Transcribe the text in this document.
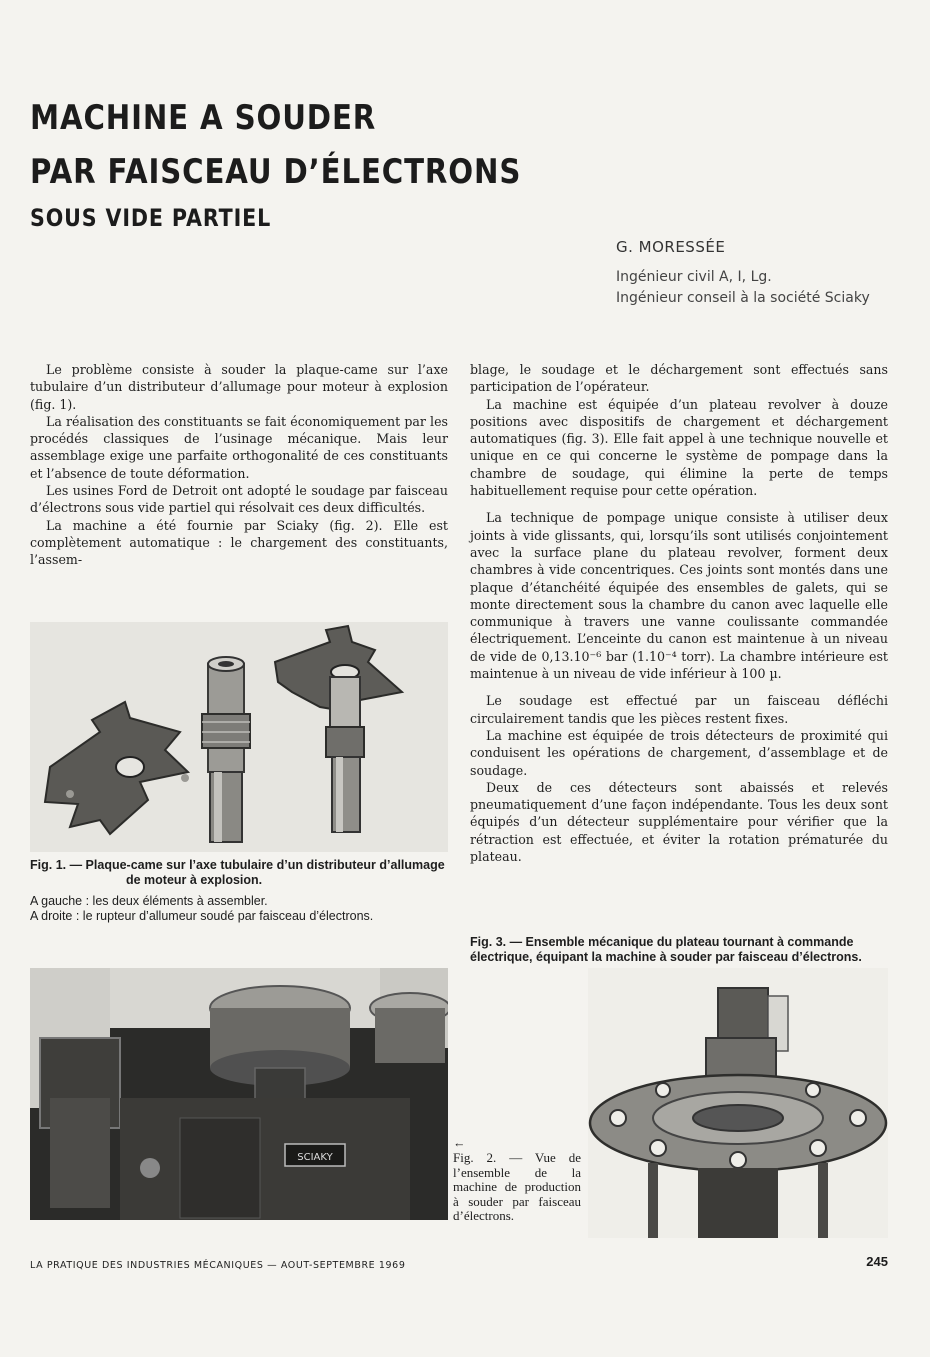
MACHINE A SOUDER
PAR FAISCEAU D’ÉLECTRONS
SOUS VIDE PARTIEL
G. MORESSÉE
Ingénieur civil A, I, Lg.
Ingénieur conseil à la société Sciaky

Le problème consiste à souder la plaque-came sur l’axe tubulaire d’un distributeur d’allumage pour moteur à explosion (fig. 1).

La réalisation des constituants se fait économiquement par les procédés classiques de l’usinage mécanique. Mais leur assemblage exige une parfaite orthogonalité de ces constituants et l’absence de toute déformation.

Les usines Ford de Detroit ont adopté le soudage par faisceau d’électrons sous vide partiel qui résolvait ces deux difficultés.

La machine a été fournie par Sciaky (fig. 2). Elle est complètement automatique : le chargement des constituants, l’assem-

blage, le soudage et le déchargement sont effectués sans participation de l’opérateur.

La machine est équipée d’un plateau revolver à douze positions avec dispositifs de chargement et déchargement automatiques (fig. 3). Elle fait appel à une technique nouvelle et unique en ce qui concerne le système de pompage dans la chambre de soudage, qui élimine la perte de temps habituellement requise pour cette opération.

La technique de pompage unique consiste à utiliser deux joints à vide glissants, qui, lorsqu’ils sont utilisés conjointement avec la surface plane du plateau revolver, forment deux chambres à vide concentriques. Ces joints sont montés dans une plaque d’étanchéité équipée des ensembles de galets, qui se monte directement sous la chambre du canon avec laquelle elle communique à travers une vanne coulissante commandée électriquement. L’enceinte du canon est maintenue à un niveau de vide de 0,13.10⁻⁶ bar (1.10⁻⁴ torr). La chambre intérieure est maintenue à un niveau de vide inférieur à 100 µ.

Le soudage est effectué par un faisceau défléchi circulairement tandis que les pièces restent fixes.

La machine est équipée de trois détecteurs de proximité qui conduisent les opérations de chargement, d’assemblage et de soudage.

Deux de ces détecteurs sont abaissés et relevés pneumatiquement d’une façon indépendante. Tous les deux sont équipés d’un détecteur supplémentaire pour vérifier que la rétraction est effectuée, et éviter la rotation prématurée du plateau.

Fig. 1. — Plaque-came sur l’axe tubulaire d’un distributeur d’allumage de moteur à explosion.
A gauche : les deux éléments à assembler.
A droite : le rupteur d’allumeur soudé par faisceau d’électrons.
Fig. 3. — Ensemble mécanique du plateau tournant à commande électrique, équipant la machine à souder par faisceau d’électrons.
SCIAKY
←
Fig. 2. — Vue de l’ensemble de la machine de production à souder par faisceau d’électrons.
LA PRATIQUE DES INDUSTRIES MÉCANIQUES — AOUT-SEPTEMBRE 1969	245
